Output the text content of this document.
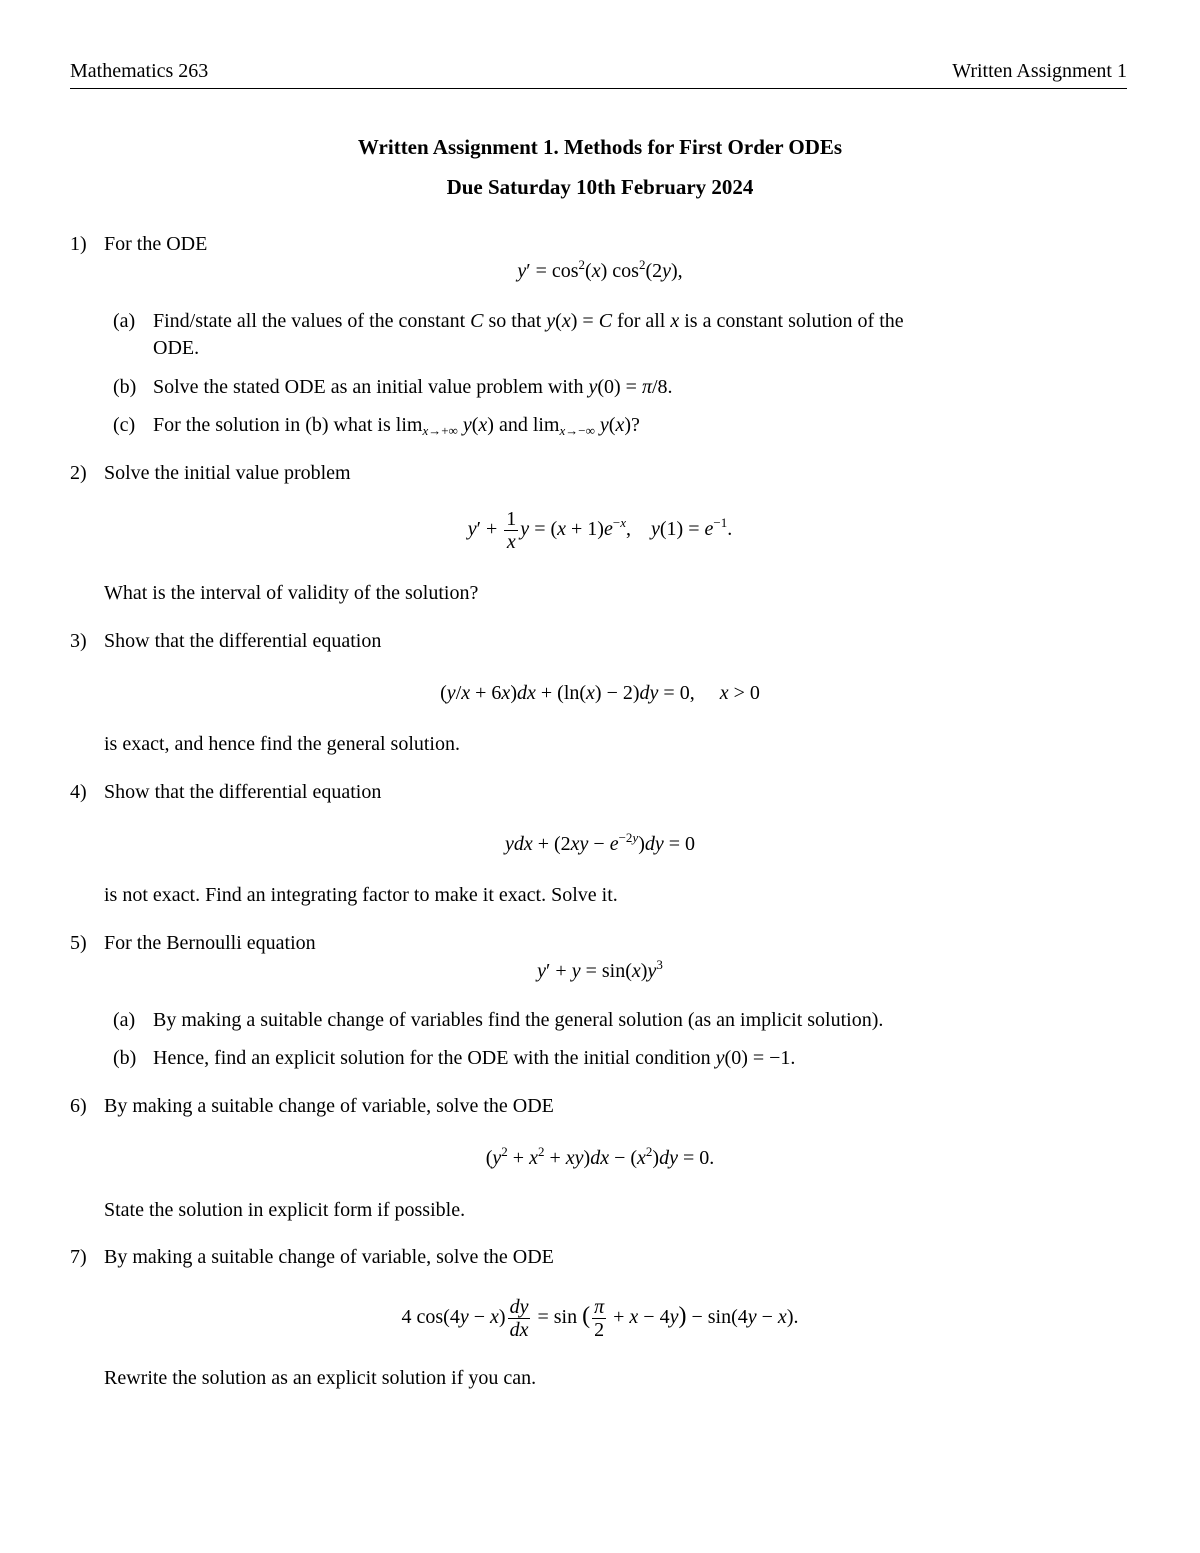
Mathematics 263	Written Assignment 1
Written Assignment 1. Methods for First Order ODEs
Due Saturday 10th February 2024
1) For the ODE
$y' = \cos^2(x)$ $\cos^2(2y)$,
(a) Find/state all the values of the constant C so that y(x) = C for all x is a constant solution of the
ODE.
(b) Solve the stated ODE as an initial value problem with y(0) = π/8.
(c) For the solution in (b) what is $\lim_{x\to+\infty} y(x)$ and $\lim_{x\to-\infty} y(x)$?
2) Solve the initial value problem
$y' + \frac{1}{x}$ $y = (x + 1)e^{-x}$,    $y(1) = e^{-1}$.
What is the interval of validity of the solution?
3) Show that the differential equation
(y/x + 6x)dx + (ln(x) − 2)dy = 0,     x > 0
is exact, and hence find the general solution.
4) Show that the differential equation
ydx + $(2xy - e^{-2y})dy = 0$
is not exact. Find an integrating factor to make it exact. Solve it.
5) For the Bernoulli equation
$y' + y = \sin(x)y^3$
(a) By making a suitable change of variables find the general solution (as an implicit solution).
(b) Hence, find an explicit solution for the ODE with the initial condition y(0) = −1.
6) By making a suitable change of variable, solve the ODE
$(y^2 + x^2 + xy)dx - (x^2)dy = 0$.
State the solution in explicit form if possible.
7) By making a suitable change of variable, solve the ODE
4 $\cos(4y - x) \frac{dy}{dx} = \sin$ ( $\frac{\pi}{2} + x - 4y) - \sin(4y - x)$.
Rewrite the solution as an explicit solution if you can.
